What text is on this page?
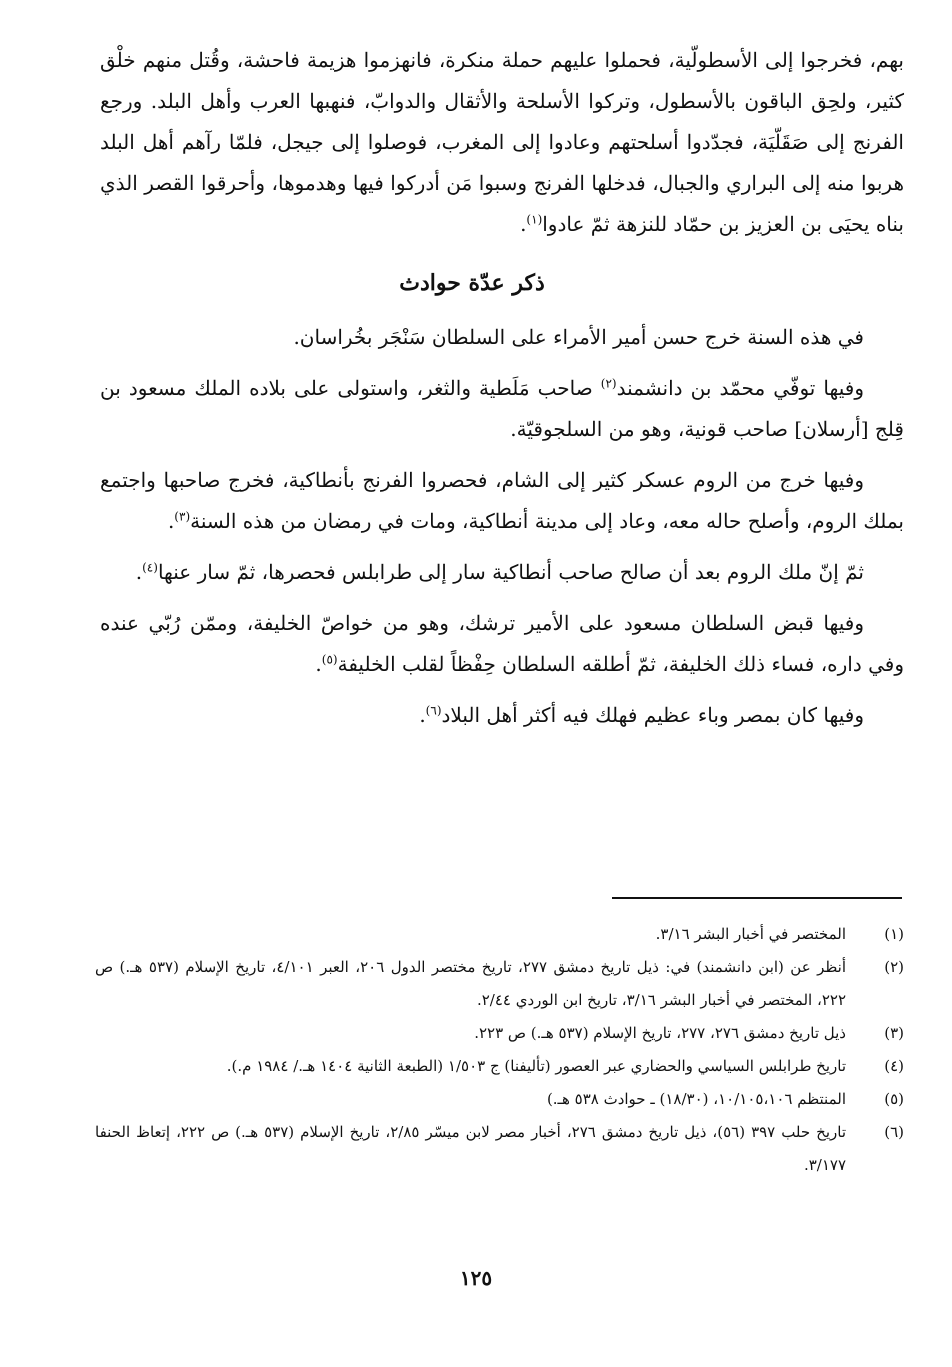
بهم، فخرجوا إلى الأسطولّية، فحملوا عليهم حملة منكرة، فانهزموا هزيمة فاحشة، وقُتل منهم خلْق كثير، ولحِق الباقون بالأسطول، وتركوا الأسلحة والأثقال والدوابّ، فنهبها العرب وأهل البلد. ورجع الفرنج إلى صَقَلّيَة، فجدّدوا أسلحتهم وعادوا إلى المغرب، فوصلوا إلى جيجل، فلمّا رآهم أهل البلد هربوا منه إلى البراري والجبال، فدخلها الفرنج وسبوا مَن أدركوا فيها وهدموها، وأحرقوا القصر الذي بناه يحيَى بن العزيز بن حمّاد للنزهة ثمّ عادوا$^{(١)}$.

ذكر عدّة حوادث

في هذه السنة خرج حسن أمير الأمراء على السلطان سَنْجَر بخُراسان.

وفيها توفّي محمّد بن دانشمند$^{(٢)}$ صاحب مَلَطية والثغر، واستولى على بلاده الملك مسعود بن قِلج [أرسلان] صاحب قونية، وهو من السلجوقيّة.

وفيها خرج من الروم عسكر كثير إلى الشام، فحصروا الفرنج بأنطاكية، فخرج صاحبها واجتمع بملك الروم، وأصلح حاله معه، وعاد إلى مدينة أنطاكية، ومات في رمضان من هذه السنة$^{(٣)}$.

ثمّ إنّ ملك الروم بعد أن صالح صاحب أنطاكية سار إلى طرابلس فحصرها، ثمّ سار عنها$^{(٤)}$.

وفيها قبض السلطان مسعود على الأمير ترشك، وهو من خواصّ الخليفة، وممّن رُبّي عنده وفي داره، فساء ذلك الخليفة، ثمّ أطلقه السلطان حِفْظاً لقلب الخليفة$^{(٥)}$.

وفيها كان بمصر وباء عظيم فهلك فيه أكثر أهل البلاد$^{(٦)}$.

(١)
المختصر في أخبار البشر ٣/١٦.
(٢)
أنظر عن (ابن دانشمند) في: ذيل تاريخ دمشق ٢٧٧، تاريخ مختصر الدول ٢٠٦، العبر ٤/١٠١، تاريخ الإسلام (٥٣٧ هـ.) ص ٢٢٢، المختصر في أخبار البشر ٣/١٦، تاريخ ابن الوردي ٢/٤٤.
(٣)
ذيل تاريخ دمشق ٢٧٦، ٢٧٧، تاريخ الإسلام (٥٣٧ هـ.) ص ٢٢٣.
(٤)
تاريخ طرابلس السياسي والحضاري عبر العصور (تأليفنا) ج ١/٥٠٣ (الطبعة الثانية ١٤٠٤ هـ./ ١٩٨٤ م.).
(٥)
المنتظم ١٠/١٠٥،١٠٦، (١٨/٣٠) ـ حوادث ٥٣٨ هـ.)
(٦)
تاريخ حلب ٣٩٧ (٥٦)، ذيل تاريخ دمشق ٢٧٦، أخبار مصر لابن ميسّر ٢/٨٥، تاريخ الإسلام (٥٣٧ هـ.) ص ٢٢٢، إتعاظ الحنفا ٣/١٧٧.
١٢٥
